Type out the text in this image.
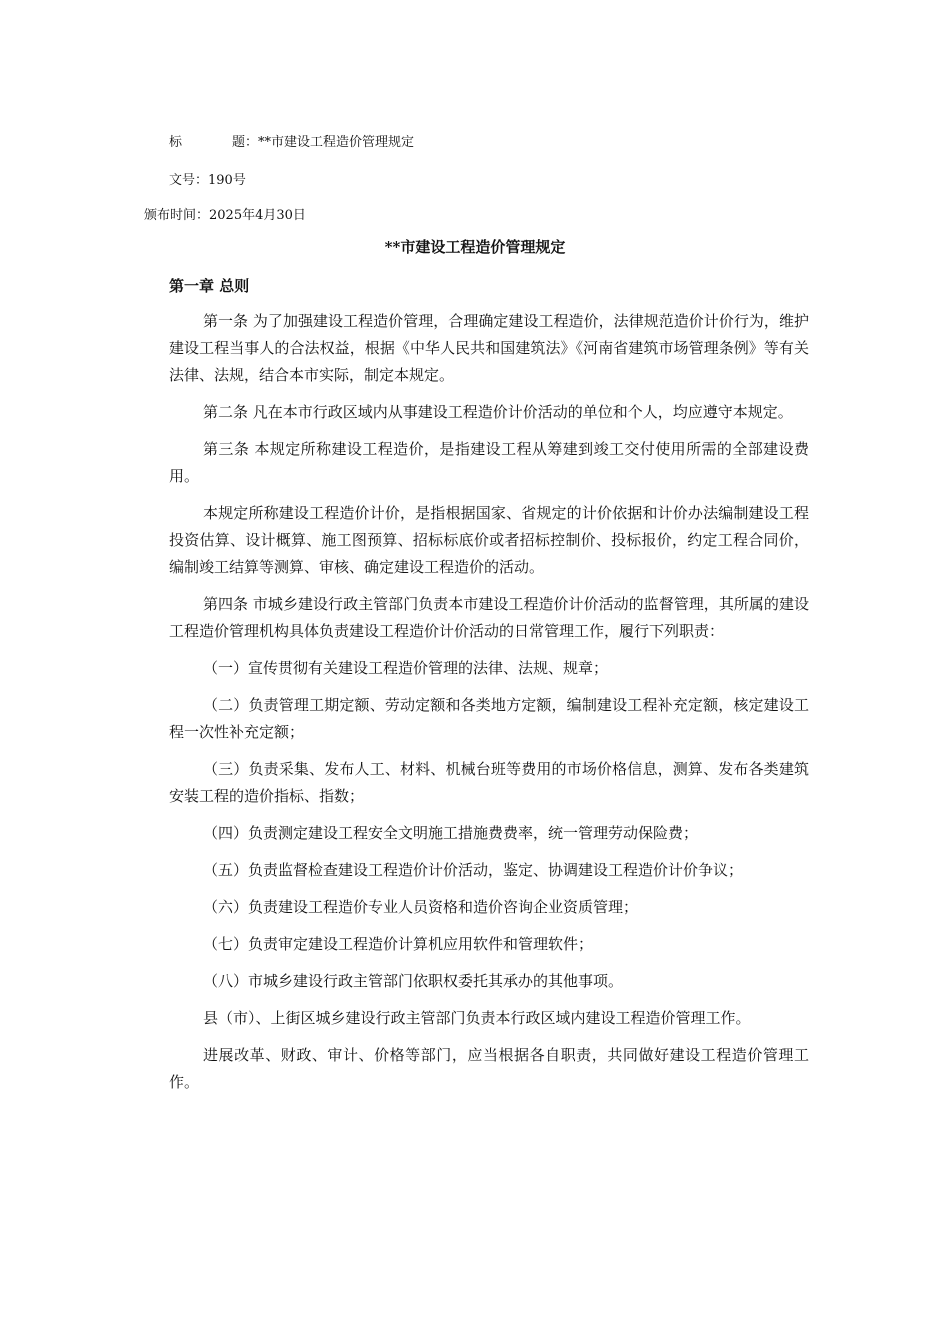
标	题：**市建设工程造价管理规定
文号：190号
颁布时间：2025年4月30日
**市建设工程造价管理规定
第一章 总则

第一条 为了加强建设工程造价管理，合理确定建设工程造价，法律规范造价计价行为，维护建设工程当事人的合法权益，根据《中华人民共和国建筑法》《河南省建筑市场管理条例》等有关法律、法规，结合本市实际，制定本规定。

第二条 凡在本市行政区域内从事建设工程造价计价活动的单位和个人，均应遵守本规定。

第三条 本规定所称建设工程造价，是指建设工程从筹建到竣工交付使用所需的全部建设费用。

本规定所称建设工程造价计价，是指根据国家、省规定的计价依据和计价办法编制建设工程投资估算、设计概算、施工图预算、招标标底价或者招标控制价、投标报价，约定工程合同价，编制竣工结算等测算、审核、确定建设工程造价的活动。

第四条 市城乡建设行政主管部门负责本市建设工程造价计价活动的监督管理，其所属的建设工程造价管理机构具体负责建设工程造价计价活动的日常管理工作，履行下列职责：

（一）宣传贯彻有关建设工程造价管理的法律、法规、规章；

（二）负责管理工期定额、劳动定额和各类地方定额，编制建设工程补充定额，核定建设工程一次性补充定额；

（三）负责采集、发布人工、材料、机械台班等费用的市场价格信息，测算、发布各类建筑安装工程的造价指标、指数；

（四）负责测定建设工程安全文明施工措施费费率，统一管理劳动保险费；

（五）负责监督检查建设工程造价计价活动，鉴定、协调建设工程造价计价争议；

（六）负责建设工程造价专业人员资格和造价咨询企业资质管理；

（七）负责审定建设工程造价计算机应用软件和管理软件；

（八）市城乡建设行政主管部门依职权委托其承办的其他事项。

县（市）、上街区城乡建设行政主管部门负责本行政区域内建设工程造价管理工作。

进展改革、财政、审计、价格等部门，应当根据各自职责，共同做好建设工程造价管理工作。
